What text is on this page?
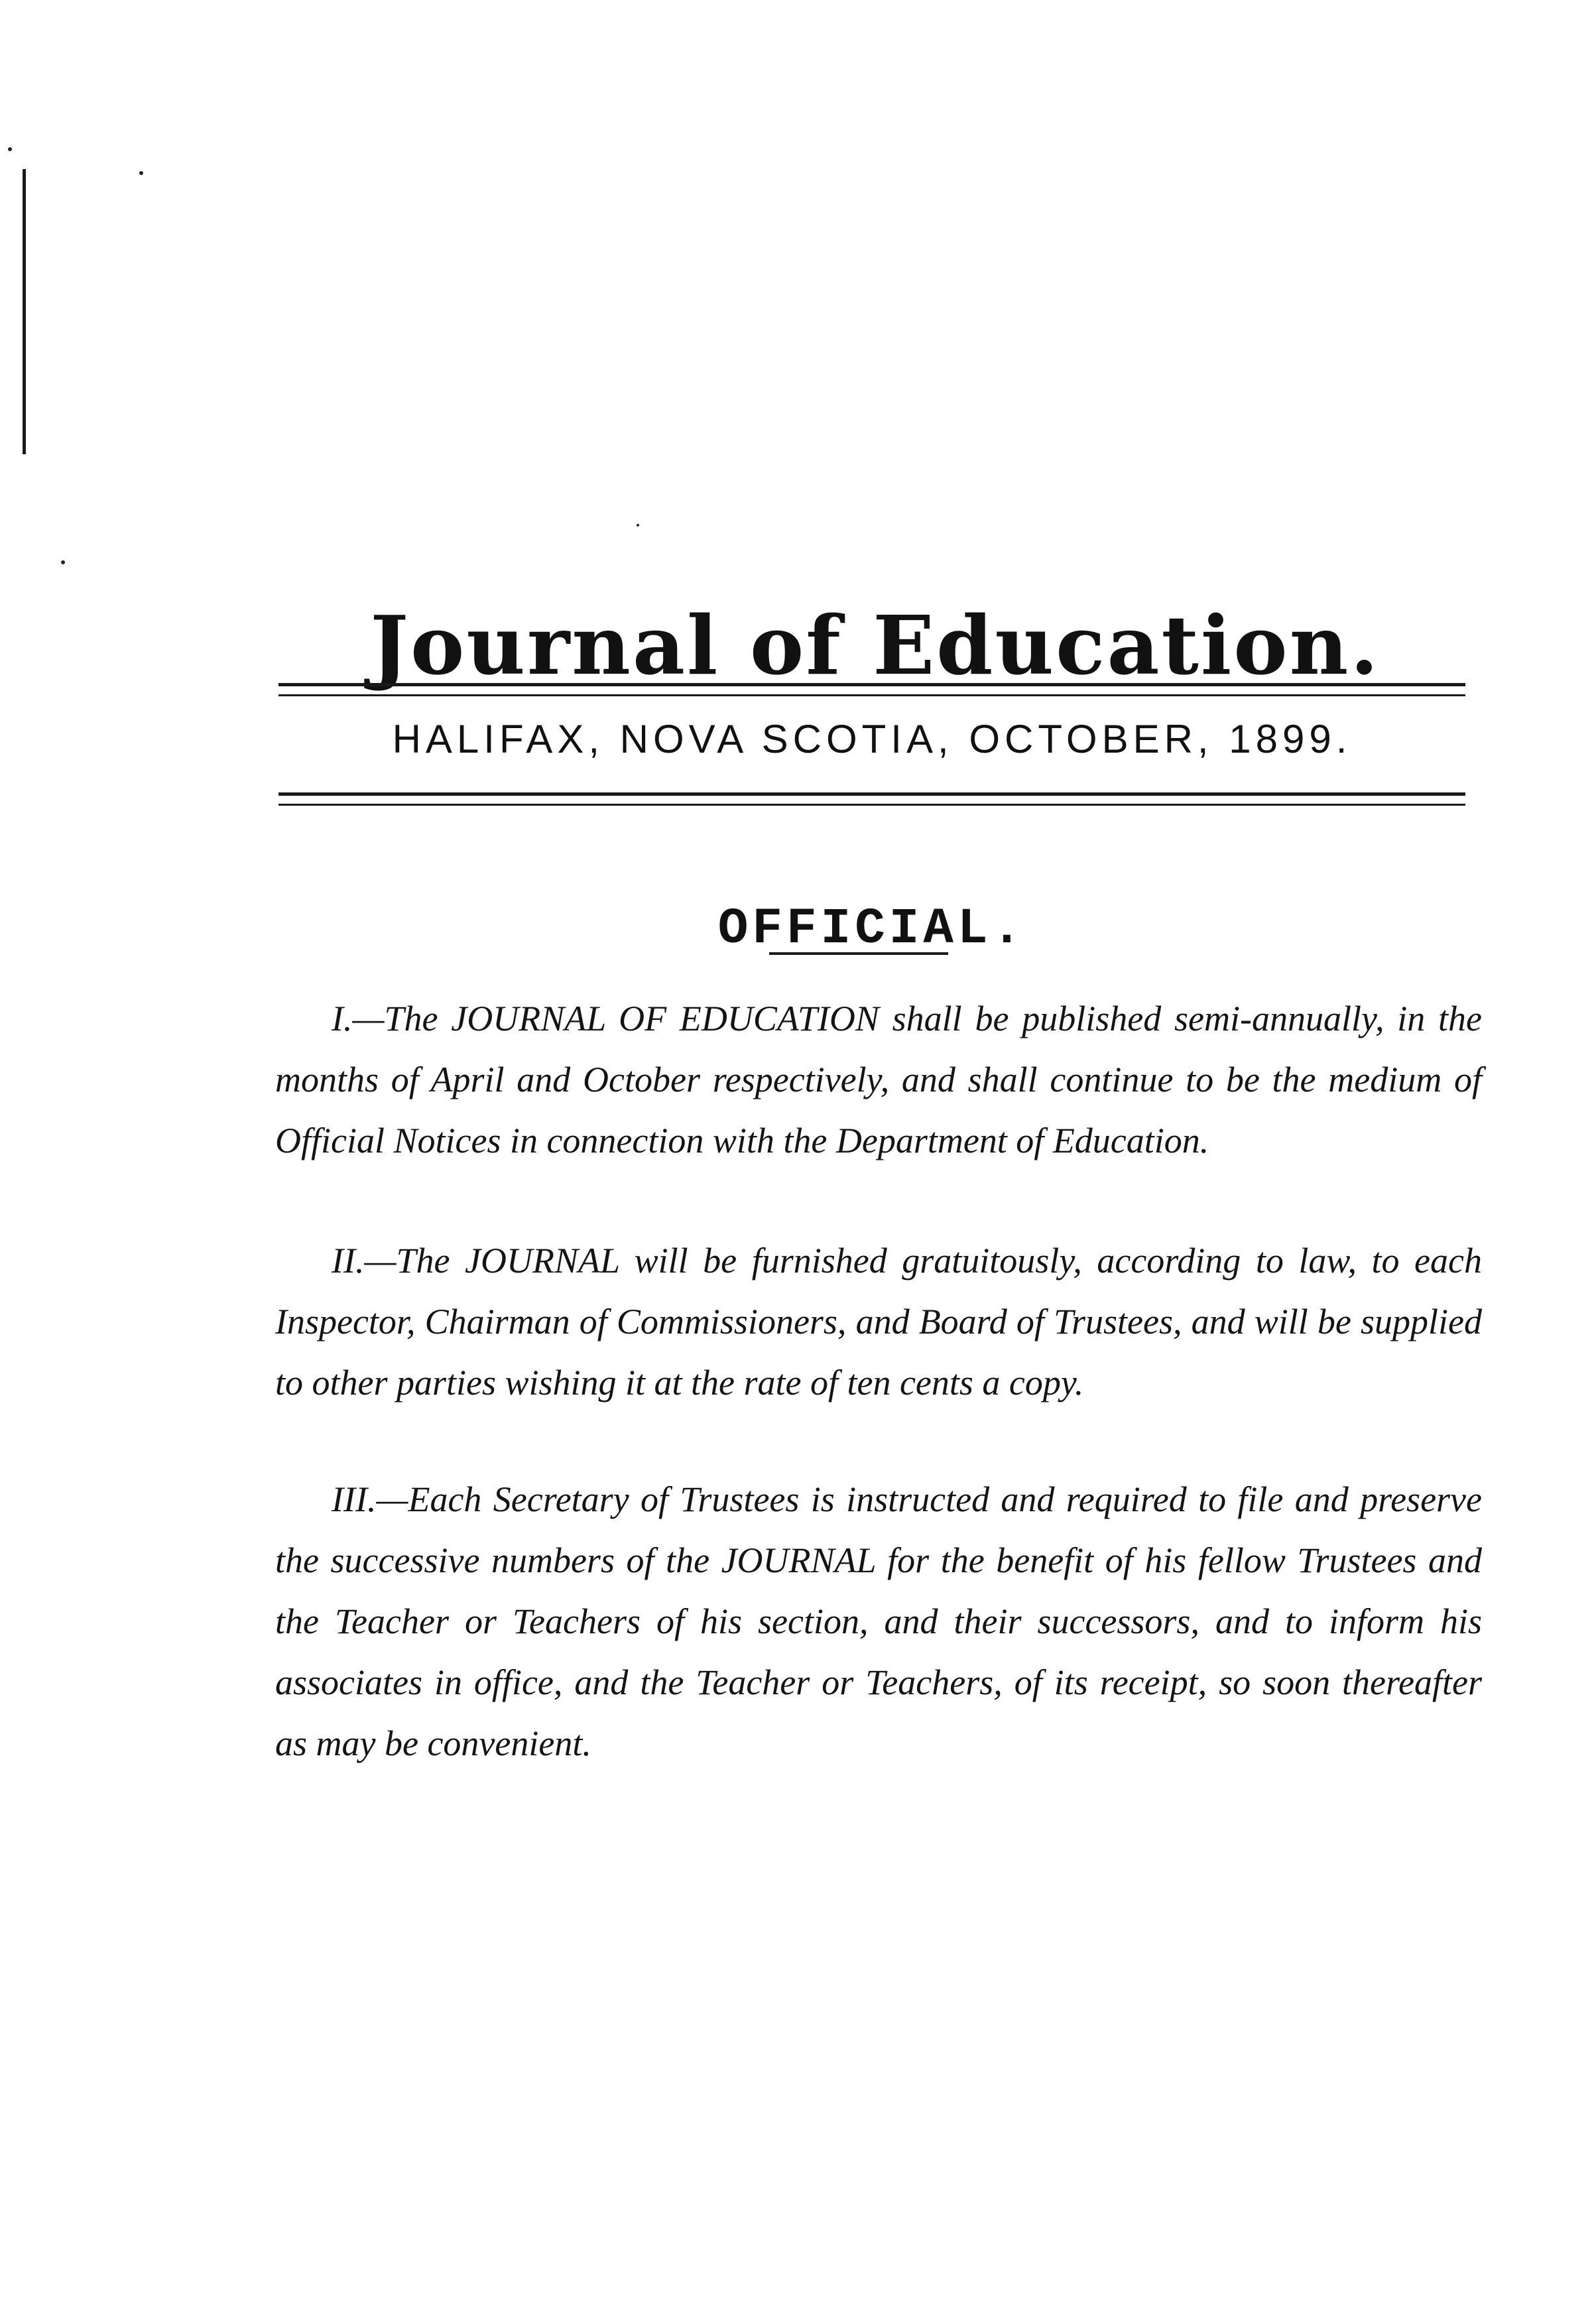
Journal of Education.
HALIFAX, NOVA SCOTIA, OCTOBER, 1899.
OFFICIAL.

I.—The JOURNAL OF EDUCATION shall be published semi-annually, in the months of April and October respectively, and shall continue to be the medium of Official Notices in connection with the Department of Education.

II.—The JOURNAL will be furnished gratuitously, according to law, to each Inspector, Chairman of Commissioners, and Board of Trustees, and will be supplied to other parties wishing it at the rate of ten cents a copy.

III.—Each Secretary of Trustees is instructed and required to file and preserve the successive numbers of the JOURNAL for the benefit of his fellow Trustees and the Teacher or Teachers of his section, and their successors, and to inform his associates in office, and the Teacher or Teachers, of its receipt, so soon thereafter as may be convenient.
